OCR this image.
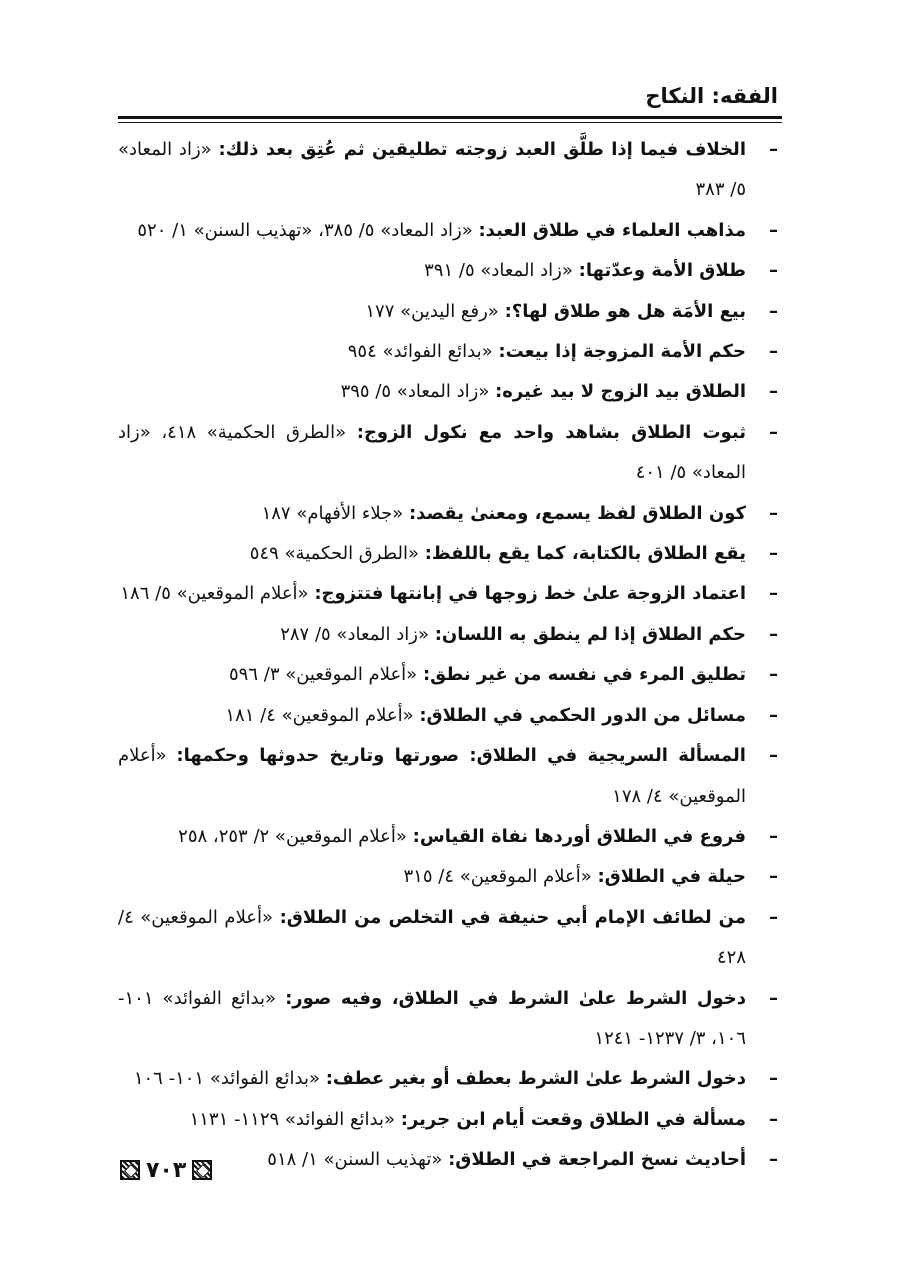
الفقه: النكاح
–
الخلاف فيما إذا طلَّق العبد زوجته تطليقين ثم عُتِق بعد ذلك: «زاد المعاد» ٥/ ٣٨٣
–
مذاهب العلماء في طلاق العبد: «زاد المعاد» ٥/ ٣٨٥، «تهذيب السنن» ١/ ٥٢٠
–
طلاق الأمة وعدّتها: «زاد المعاد» ٥/ ٣٩١
–
بيع الأمَة هل هو طلاق لها؟: «رفع اليدين» ١٧٧
–
حكم الأمة المزوجة إذا بيعت: «بدائع الفوائد» ٩٥٤
–
الطلاق بيد الزوج لا بيد غيره: «زاد المعاد» ٥/ ٣٩٥
–
ثبوت الطلاق بشاهد واحد مع نكول الزوج: «الطرق الحكمية» ٤١٨، «زاد المعاد» ٥/ ٤٠١
–
كون الطلاق لفظ يسمع، ومعنىٰ يقصد: «جلاء الأفهام» ١٨٧
–
يقع الطلاق بالكتابة، كما يقع باللفظ: «الطرق الحكمية» ٥٤٩
–
اعتماد الزوجة علىٰ خط زوجها في إبانتها فتتزوج: «أعلام الموقعين» ٥/ ١٨٦
–
حكم الطلاق إذا لم ينطق به اللسان: «زاد المعاد» ٥/ ٢٨٧
–
تطليق المرء في نفسه من غير نطق: «أعلام الموقعين» ٣/ ٥٩٦
–
مسائل من الدور الحكمي في الطلاق: «أعلام الموقعين» ٤/ ١٨١
–
المسألة السريجية في الطلاق: صورتها وتاريخ حدوثها وحكمها: «أعلام الموقعين» ٤/ ١٧٨
–
فروع في الطلاق أوردها نفاة القياس: «أعلام الموقعين» ٢/ ٢٥٣، ٢٥٨
–
حيلة في الطلاق: «أعلام الموقعين» ٤/ ٣١٥
–
من لطائف الإمام أبي حنيفة في التخلص من الطلاق: «أعلام الموقعين» ٤/ ٤٢٨
–
دخول الشرط علىٰ الشرط في الطلاق، وفيه صور: «بدائع الفوائد» ١٠١- ١٠٦، ٣/ ١٢٣٧- ١٢٤١
–
دخول الشرط علىٰ الشرط بعطف أو بغير عطف: «بدائع الفوائد» ١٠١- ١٠٦
–
مسألة في الطلاق وقعت أيام ابن جرير: «بدائع الفوائد» ١١٢٩- ١١٣١
–
أحاديث نسخ المراجعة في الطلاق: «تهذيب السنن» ١/ ٥١٨
٧٠٣
